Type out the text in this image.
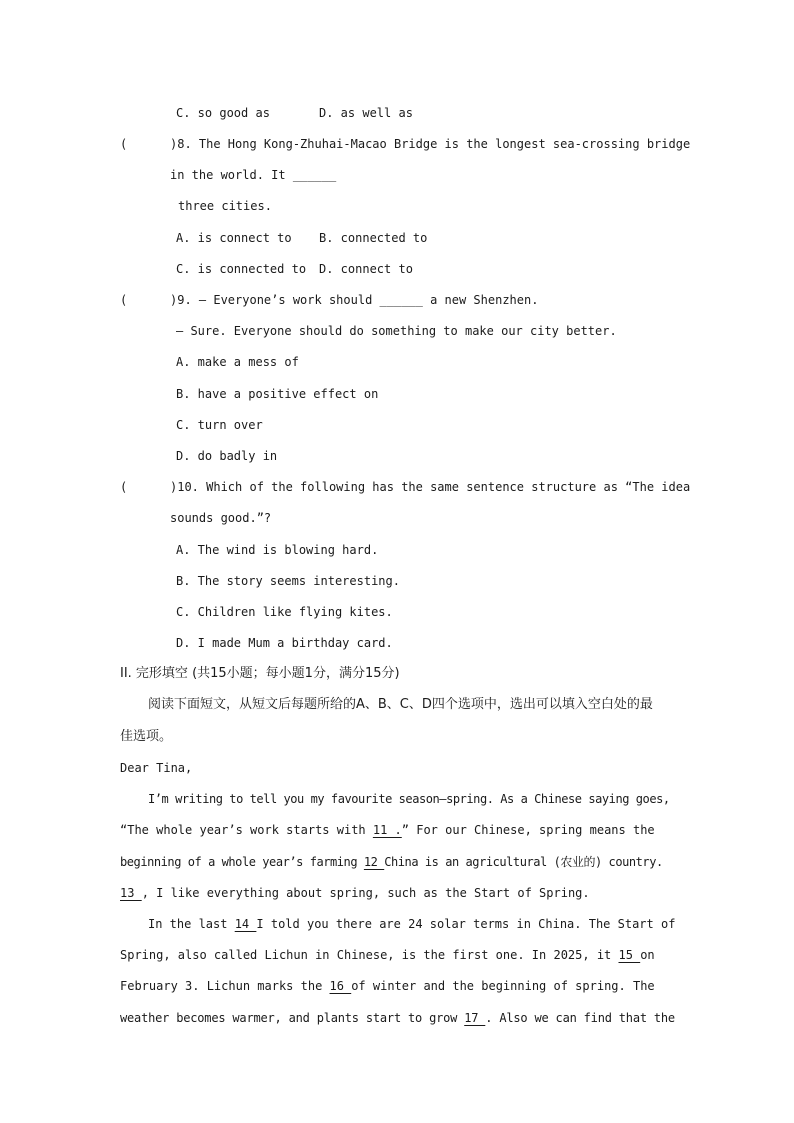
C. so good as	D. as well as
(	)8. The Hong Kong-Zhuhai-Macao Bridge is the longest sea-crossing bridge
in the world. It ______
three cities.
A. is connect to B. connected to
C. is connected to D. connect to
(	)9. — Everyone’s work should ______ a new Shenzhen.
— Sure. Everyone should do something to make our city better.
A. make a mess of
B. have a positive effect on
C. turn over
D. do badly in
(	)10. Which of the following has the same sentence structure as “The idea
sounds good.”?
A. The wind is blowing hard.
B. The story seems interesting.
C. Children like flying kites.
D. I made Mum a birthday card.
II. 完形填空 (共15小题；每小题1分，满分15分)
阅读下面短文，从短文后每题所给的A、B、C、D四个选项中，选出可以填入空白处的最
佳选项。
Dear Tina,
I’m writing to tell you my favourite season—spring. As a Chinese saying goes,
“The whole year’s work starts with 11 .” For our Chinese, spring means the
beginning of a whole year’s farming 12 China is an agricultural (农业的) country.
13 , I like everything about spring, such as the Start of Spring.
In the last 14 I told you there are 24 solar terms in China. The Start of
Spring, also called Lichun in Chinese, is the first one. In 2025, it 15 on
February 3. Lichun marks the 16 of winter and the beginning of spring. The
weather becomes warmer, and plants start to grow 17 . Also we can find that the
